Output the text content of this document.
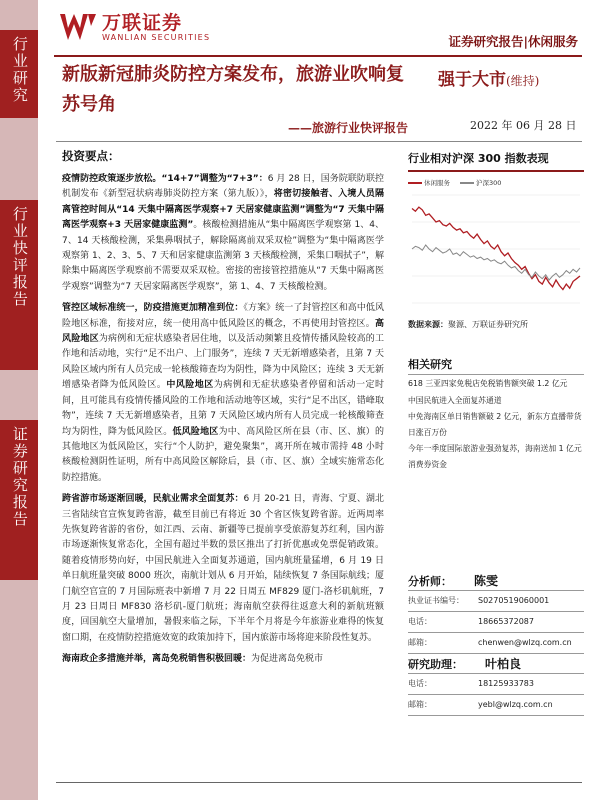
行业研究
行业快评报告
证券研究报告
万联证券
WANLIAN SECURITIES	证券研究报告|休闲服务
新版新冠肺炎防控方案发布，旅游业吹响复苏号角
——旅游行业快评报告
强于大市(维持)
2022 年 06 月 28 日
投资要点：

疫情防控政策逐步放松。“14+7”调整为“7+3”：6 月 28 日，国务院联防联控机制发布《新型冠状病毒肺炎防控方案（第九版）》，将密切接触者、入境人员隔离管控时间从“14 天集中隔离医学观察+7 天居家健康监测”调整为“7 天集中隔离医学观察+3 天居家健康监测”。核酸检测措施从“集中隔离医学观察第 1、4、7、14 天核酸检测，采集鼻咽拭子，解除隔离前双采双检”调整为“集中隔离医学观察第 1、2、3、5、7 天和居家健康监测第 3 天核酸检测，采集口咽拭子”，解除集中隔离医学观察前不需要双采双检。密接的密接管控措施从“7 天集中隔离医学观察”调整为“7 天居家隔离医学观察”，第 1、4、7 天核酸检测。

管控区域标准统一，防疫措施更加精准到位：《方案》统一了封管控区和高中低风险地区标准，衔接对应，统一使用高中低风险区的概念，不再使用封管控区。高风险地区为病例和无症状感染者居住地，以及活动频繁且疫情传播风险较高的工作地和活动地，实行“足不出户、上门服务”，连续 7 天无新增感染者，且第 7 天风险区域内所有人员完成一轮核酸筛查均为阴性，降为中风险区；连续 3 天无新增感染者降为低风险区。中风险地区为病例和无症状感染者停留和活动一定时间，且可能具有疫情传播风险的工作地和活动地等区域，实行“足不出区，错峰取物”，连续 7 天无新增感染者，且第 7 天风险区域内所有人员完成一轮核酸筛查均为阴性，降为低风险区。低风险地区为中、高风险区所在县（市、区、旗）的其他地区为低风险区，实行“个人防护，避免聚集”，离开所在城市需持 48 小时核酸检测阴性证明，所有中高风险区解除后，县（市、区、旗）全域实施常态化防控措施。

跨省游市场逐渐回暖，民航业需求全面复苏：6 月 20-21 日，青海、宁夏、湖北三省陆续官宣恢复跨省游，截至目前已有将近 30 个省区恢复跨省游。近两周率先恢复跨省游的省份，如江西、云南、新疆等已提前享受旅游复苏红利，国内游市场逐渐恢复常态化，全国有超过半数的景区推出了打折优惠或免票促销政策。随着疫情形势向好，中国民航进入全面复苏通道，国内航班量猛增，6 月 19 日单日航班量突破 8000 班次，南航计划从 6 月开始，陆续恢复 7 条国际航线；厦门航空官宣的 7 月国际班表中新增 7 月 22 日周五 MF829 厦门-洛杉矶航班，7 月 23 日周日 MF830 洛杉矶-厦门航班；海南航空获得往返意大利的新航班额度，回国航空大量增加，暑假来临之际，下半年个月将是今年旅游业难得的恢复窗口期，在疫情防控措施效宽的政策加持下，国内旅游市场将迎来阶段性复苏。

海南政企多措施并举，离岛免税销售积极回暖：为促进离岛免税市

行业相对沪深 300 指数表现
休闲服务	沪深300
数据来源：聚源、万联证券研究所
相关研究
618 三亚四家免税店免税销售额突破 1.2 亿元
中国民航进入全面复苏通道
中免海南区单日销售额破 2 亿元，新东方直播带货日涨百万份
今年一季度国际旅游业强劲复苏，海南送加 1 亿元消费券资金
分析师： 陈雯
执业证书编号：	S0270519060001
电话：	18665372087
邮箱：	chenwen@wlzq.com.cn
研究助理： 叶柏良
电话：	18125933783
邮箱：	yebl@wlzq.com.cn
